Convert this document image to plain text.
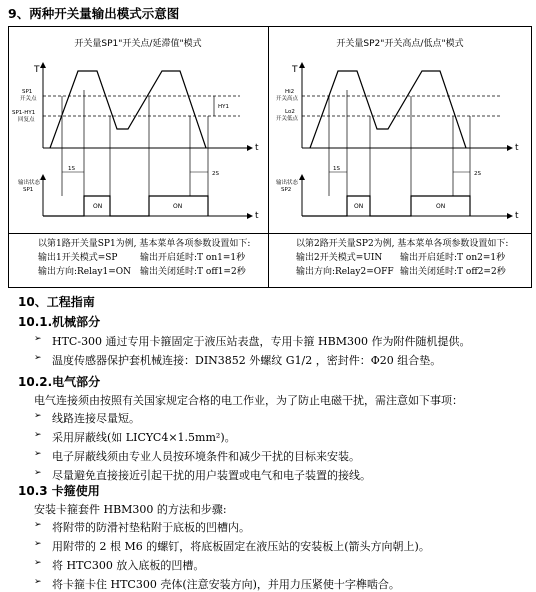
9、两种开关量输出模式示意图
开关量SP1"开关点/延滞值"模式
T
t
SP1
开关点
SP1-HY1
回复点
HY1
1S
2S
输出状态
SP1
t
ON	ON
开关量SP2"开关高点/低点"模式
T
t
Hi2
开关高点
Lo2
开关低点
1S
2S
输出状态
SP2
t
ON	ON
以第1路开关量SP1为例, 基本菜单各项参数设置如下:
输出1开关模式=SP	输出开启延时:T on1=1秒
输出方向:Relay1=ON 输出关闭延时:T off1=2秒
以第2路开关量SP2为例, 基本菜单各项参数设置如下:
输出2开关模式=UIN 输出开启延时:T on2=1秒
输出方向:Relay2=OFF 输出关闭延时:T off2=2秒
10、工程指南
10.1.机械部分
➢ HTC-300 通过专用卡箍固定于液压站表盘，专用卡箍 HBM300 作为附件随机提供。
➢ 温度传感器保护套机械连接：DIN3852 外螺纹 G1/2 ，密封件：Φ20 组合垫。
10.2.电气部分
电气连接须由按照有关国家规定合格的电工作业，为了防止电磁干扰，需注意如下事项：
➢ 线路连接尽量短。
➢ 采用屏蔽线(如 LICYC4×1.5mm²)。
➢ 电子屏蔽线须由专业人员按环境条件和减少干扰的目标来安装。
➢ 尽量避免直接接近引起干扰的用户装置或电气和电子装置的接线。
10.3 卡箍使用
安装卡箍套件 HBM300 的方法和步骤:
➢ 将附带的防滑衬垫粘附于底板的凹槽内。
➢ 用附带的 2 根 M6 的螺钉，将底板固定在液压站的安装板上(箭头方向朝上)。
➢ 将 HTC300 放入底板的凹槽。
➢ 将卡箍卡住 HTC300 壳体(注意安装方向)，并用力压紧使十字榫啮合。
